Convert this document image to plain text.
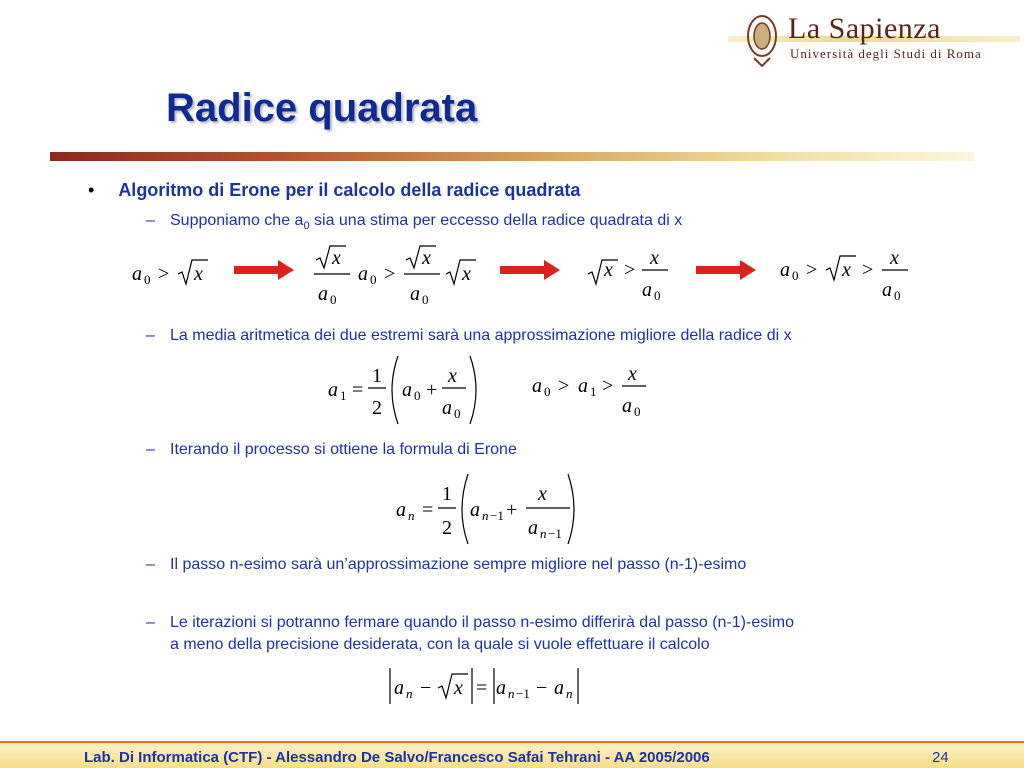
La Sapienza
Università degli Studi di Roma
Radice quadrata
• Algoritmo di Erone per il calcolo della radice quadrata
– Supponiamo che $a_0$ sia una stima per eccesso della radice quadrata di x
a 0 > x
x
a 0
a 0 >
x
a 0
x	x >
x
a 0
a 0 > x >
x
a 0
– La media aritmetica dei due estremi sarà una approssimazione migliore della radice di x
a 1 =
1
2
a 0 +
x
a 0
a 0 > a 1 >
x
a 0
– Iterando il processo si ottiene la formula di Erone
a n =
1
2
a n −1 +
x
a n −1
– Il passo n-esimo sarà un’approssimazione sempre migliore nel passo (n-1)-esimo
– Le iterazioni si potranno fermare quando il passo n-esimo differirà dal passo (n-1)-esimo
a meno della precisione desiderata, con la quale si vuole effettuare il calcolo
a n − x = a n −1 − a n
Lab. Di Informatica (CTF) - Alessandro De Salvo/Francesco Safai Tehrani - AA 2005/2006	24
